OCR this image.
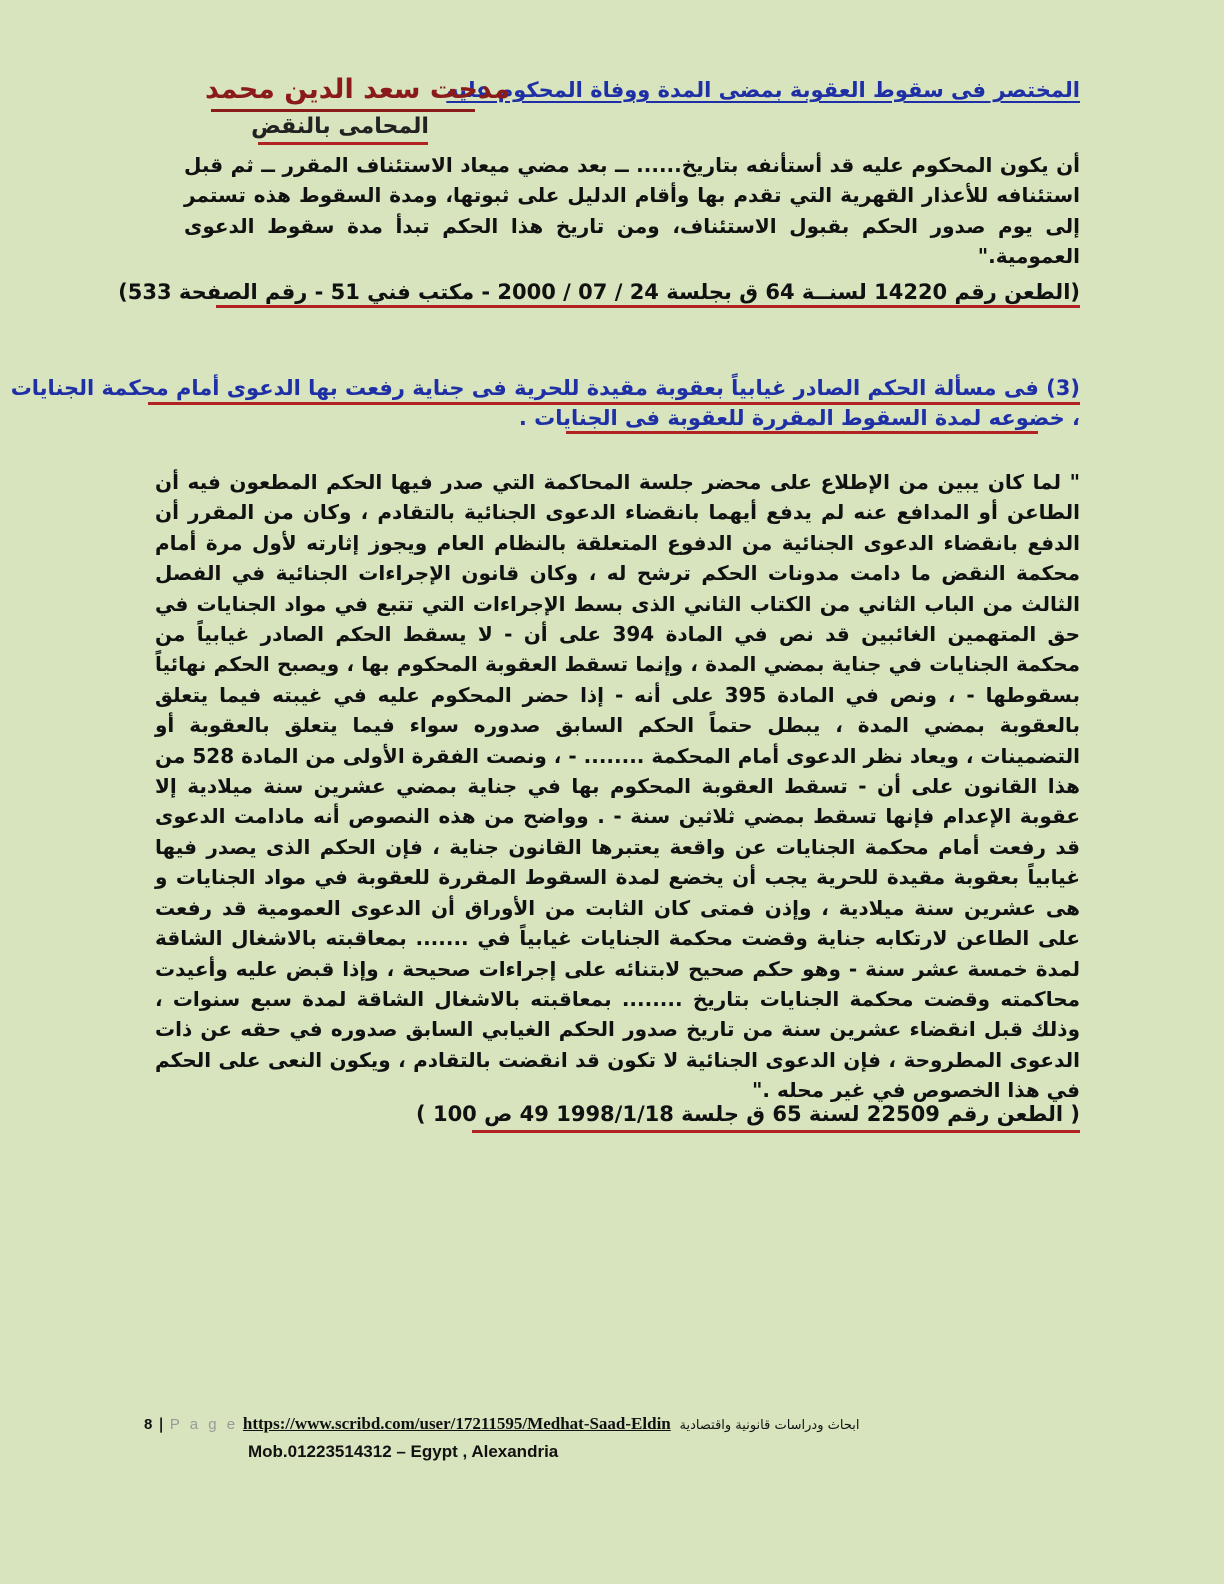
المختصر فى سقوط العقوبة بمضى المدة ووفاة المحكوم عليه
مدحت سعد الدين محمد
المحامى بالنقض
أن يكون المحكوم عليه قد أستأنفه بتاريخ...... ــ بعد مضي ميعاد الاستئناف المقرر ــ ثم قبل استئنافه للأعذار القهرية التي تقدم بها وأقام الدليل على ثبوتها، ومدة السقوط هذه تستمر إلى يوم صدور الحكم بقبول الاستئناف، ومن تاريخ هذا الحكم تبدأ مدة سقوط الدعوى العمومية."
(الطعن رقم 14220 لسنــة 64 ق بجلسة 24 / 07 / 2000 - مكتب فني 51 - رقم الصفحة 533)
(3) فى مسألة الحكم الصادر غيابياً بعقوبة مقيدة للحرية فى جناية رفعت بها الدعوى أمام محكمة الجنايات
، خضوعه لمدة السقوط المقررة للعقوبة فى الجنايات .
" لما كان يبين من الإطلاع على محضر جلسة المحاكمة التي صدر فيها الحكم المطعون فيه أن الطاعن أو المدافع عنه لم يدفع أيهما بانقضاء الدعوى الجنائية بالتقادم ، وكان من المقرر أن الدفع بانقضاء الدعوى الجنائية من الدفوع المتعلقة بالنظام العام ويجوز إثارته لأول مرة أمام محكمة النقض ما دامت مدونات الحكم ترشح له ، وكان قانون الإجراءات الجنائية في الفصل الثالث من الباب الثاني من الكتاب الثاني الذى بسط الإجراءات التي تتبع في مواد الجنايات في حق المتهمين الغائبين قد نص في المادة 394 على أن - لا يسقط الحكم الصادر غيابياً من محكمة الجنايات في جناية بمضي المدة ، وإنما تسقط العقوبة المحكوم بها ، ويصبح الحكم نهائياً بسقوطها - ، ونص في المادة 395 على أنه - إذا حضر المحكوم عليه في غيبته فيما يتعلق بالعقوبة بمضي المدة ، يبطل حتماً الحكم السابق صدوره سواء فيما يتعلق بالعقوبة أو التضمينات ، ويعاد نظر الدعوى أمام المحكمة ........ - ، ونصت الفقرة الأولى من المادة 528 من هذا القانون على أن - تسقط العقوبة المحكوم بها في جناية بمضي عشرين سنة ميلادية إلا عقوبة الإعدام فإنها تسقط بمضي ثلاثين سنة - . وواضح من هذه النصوص أنه مادامت الدعوى قد رفعت أمام محكمة الجنايات عن واقعة يعتبرها القانون جناية ، فإن الحكم الذى يصدر فيها غيابياً بعقوبة مقيدة للحرية يجب أن يخضع لمدة السقوط المقررة للعقوبة في مواد الجنايات و هى عشرين سنة ميلادية ، وإذن فمتى كان الثابت من الأوراق أن الدعوى العمومية قد رفعت على الطاعن لارتكابه جناية وقضت محكمة الجنايات غيابياً في ....... بمعاقبته بالاشغال الشاقة لمدة خمسة عشر سنة - وهو حكم صحيح لابتنائه على إجراءات صحيحة ، وإذا قبض عليه وأعيدت محاكمته وقضت محكمة الجنايات بتاريخ ........ بمعاقبته بالاشغال الشاقة لمدة سبع سنوات ، وذلك قبل انقضاء عشرين سنة من تاريخ صدور الحكم الغيابي السابق صدوره في حقه عن ذات الدعوى المطروحة ، فإن الدعوى الجنائية لا تكون قد انقضت بالتقادم ، ويكون النعى على الحكم في هذا الخصوص في غير محله ."
( الطعن رقم 22509 لسنة 65 ق جلسة 1998/1/18 49 ص 100 )
8 | P a g e https://www.scribd.com/user/17211595/Medhat-Saad-Eldin ابحاث ودراسات قانونية واقتصادية
Mob.01223514312 – Egypt , Alexandria
